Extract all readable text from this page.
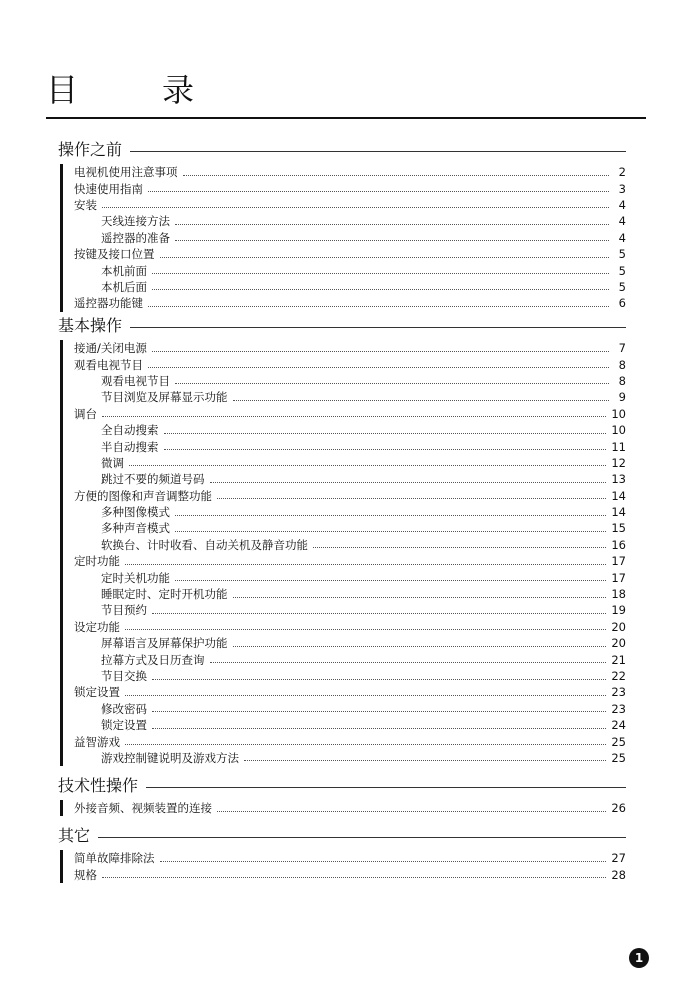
目	录
操作之前
电视机使用注意事项	2
快速使用指南	3
安装	4
天线连接方法	4
遥控器的准备	4
按键及接口位置	5
本机前面	5
本机后面	5
遥控器功能键	6
基本操作
接通/关闭电源	7
观看电视节目	8
观看电视节目	8
节目浏览及屏幕显示功能	9
调台	10
全自动搜索	10
半自动搜索	11
微调	12
跳过不要的频道号码	13
方便的图像和声音调整功能	14
多种图像模式	14
多种声音模式	15
软换台、计时收看、自动关机及静音功能	16
定时功能	17
定时关机功能	17
睡眠定时、定时开机功能	18
节目预约	19
设定功能	20
屏幕语言及屏幕保护功能	20
拉幕方式及日历查询	21
节目交换	22
锁定设置	23
修改密码	23
锁定设置	24
益智游戏	25
游戏控制键说明及游戏方法	25
技术性操作
外接音频、视频装置的连接	26
其它
简单故障排除法	27
规格	28
1
